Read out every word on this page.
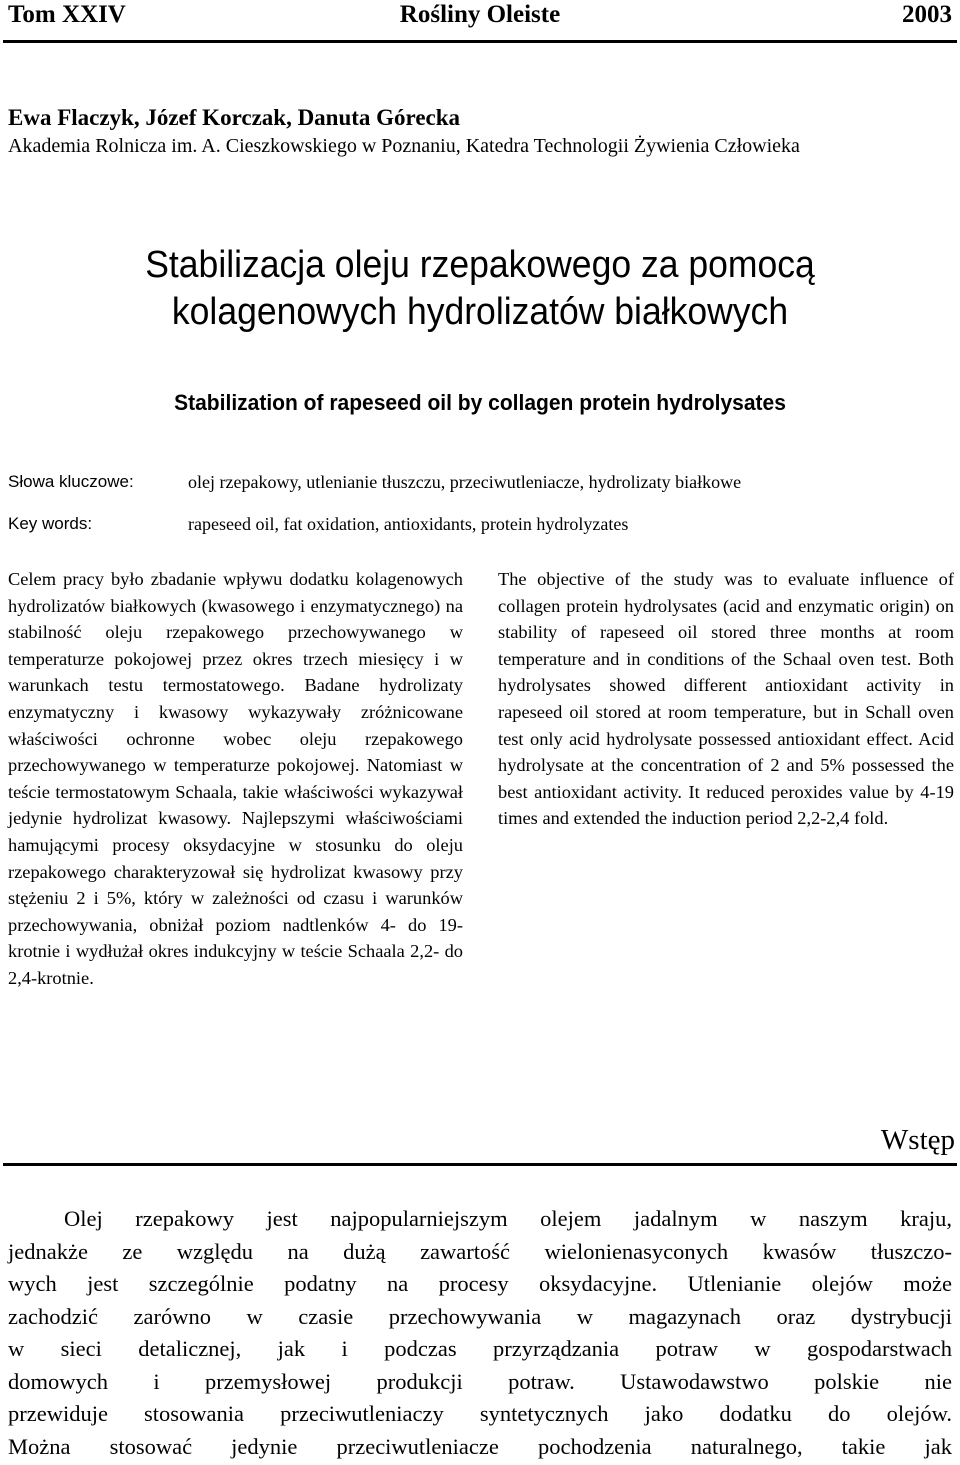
Tom XXIV	Rośliny Oleiste	2003
Ewa Flaczyk, Józef Korczak, Danuta Górecka
Akademia Rolnicza im. A. Cieszkowskiego w Poznaniu, Katedra Technologii Żywienia Człowieka
Stabilizacja oleju rzepakowego za pomocą
kolagenowych hydrolizatów białkowych
Stabilization of rapeseed oil by collagen protein hydrolysates
Słowa kluczowe:	olej rzepakowy, utlenianie tłuszczu, przeciwutleniacze, hydrolizaty białkowe
Key words:	rapeseed oil, fat oxidation, antioxidants, protein hydrolyzates
Celem pracy było zbadanie wpływu dodatku kolagenowych hydrolizatów białkowych (kwasowego i enzymatycznego) na stabilność oleju rzepakowego przechowywanego w temperaturze pokojowej przez okres trzech miesięcy i w warunkach testu termostatowego. Badane hydrolizaty enzymatyczny i kwasowy wykazywały zróżnicowane właściwości ochronne wobec oleju rzepakowego przechowywanego w temperaturze pokojowej. Natomiast w teście termostatowym Schaala, takie właściwości wykazywał jedynie hydrolizat kwasowy. Najlepszymi właściwościami hamującymi procesy oksydacyjne w stosunku do oleju rzepakowego charakteryzował się hydrolizat kwasowy przy stężeniu 2 i 5%, który w zależności od czasu i warunków przechowywania, obniżał poziom nadtlenków 4- do 19-krotnie i wydłużał okres indukcyjny w teście Schaala 2,2- do 2,4-krotnie.
The objective of the study was to evaluate influence of collagen protein hydrolysates (acid and enzymatic origin) on stability of rapeseed oil stored three months at room temperature and in conditions of the Schaal oven test. Both hydrolysates showed different antioxidant activity in rapeseed oil stored at room temperature, but in Schall oven test only acid hydrolysate possessed antioxidant effect. Acid hydrolysate at the concentration of 2 and 5% possessed the best antioxidant activity. It reduced peroxides value by 4-19 times and extended the induction period 2,2-2,4 fold.
Wstęp
Olej rzepakowy jest najpopularniejszym olejem jadalnym w naszym kraju,
jednakże ze względu na dużą zawartość wielonienasyconych kwasów tłuszczo-
wych jest szczególnie podatny na procesy oksydacyjne. Utlenianie olejów może
zachodzić zarówno w czasie przechowywania w magazynach oraz dystrybucji
w sieci detalicznej, jak i podczas przyrządzania potraw w gospodarstwach
domowych i przemysłowej produkcji potraw. Ustawodawstwo polskie nie
przewiduje stosowania przeciwutleniaczy syntetycznych jako dodatku do olejów.
Można stosować jedynie przeciwutleniacze pochodzenia naturalnego, takie jak
